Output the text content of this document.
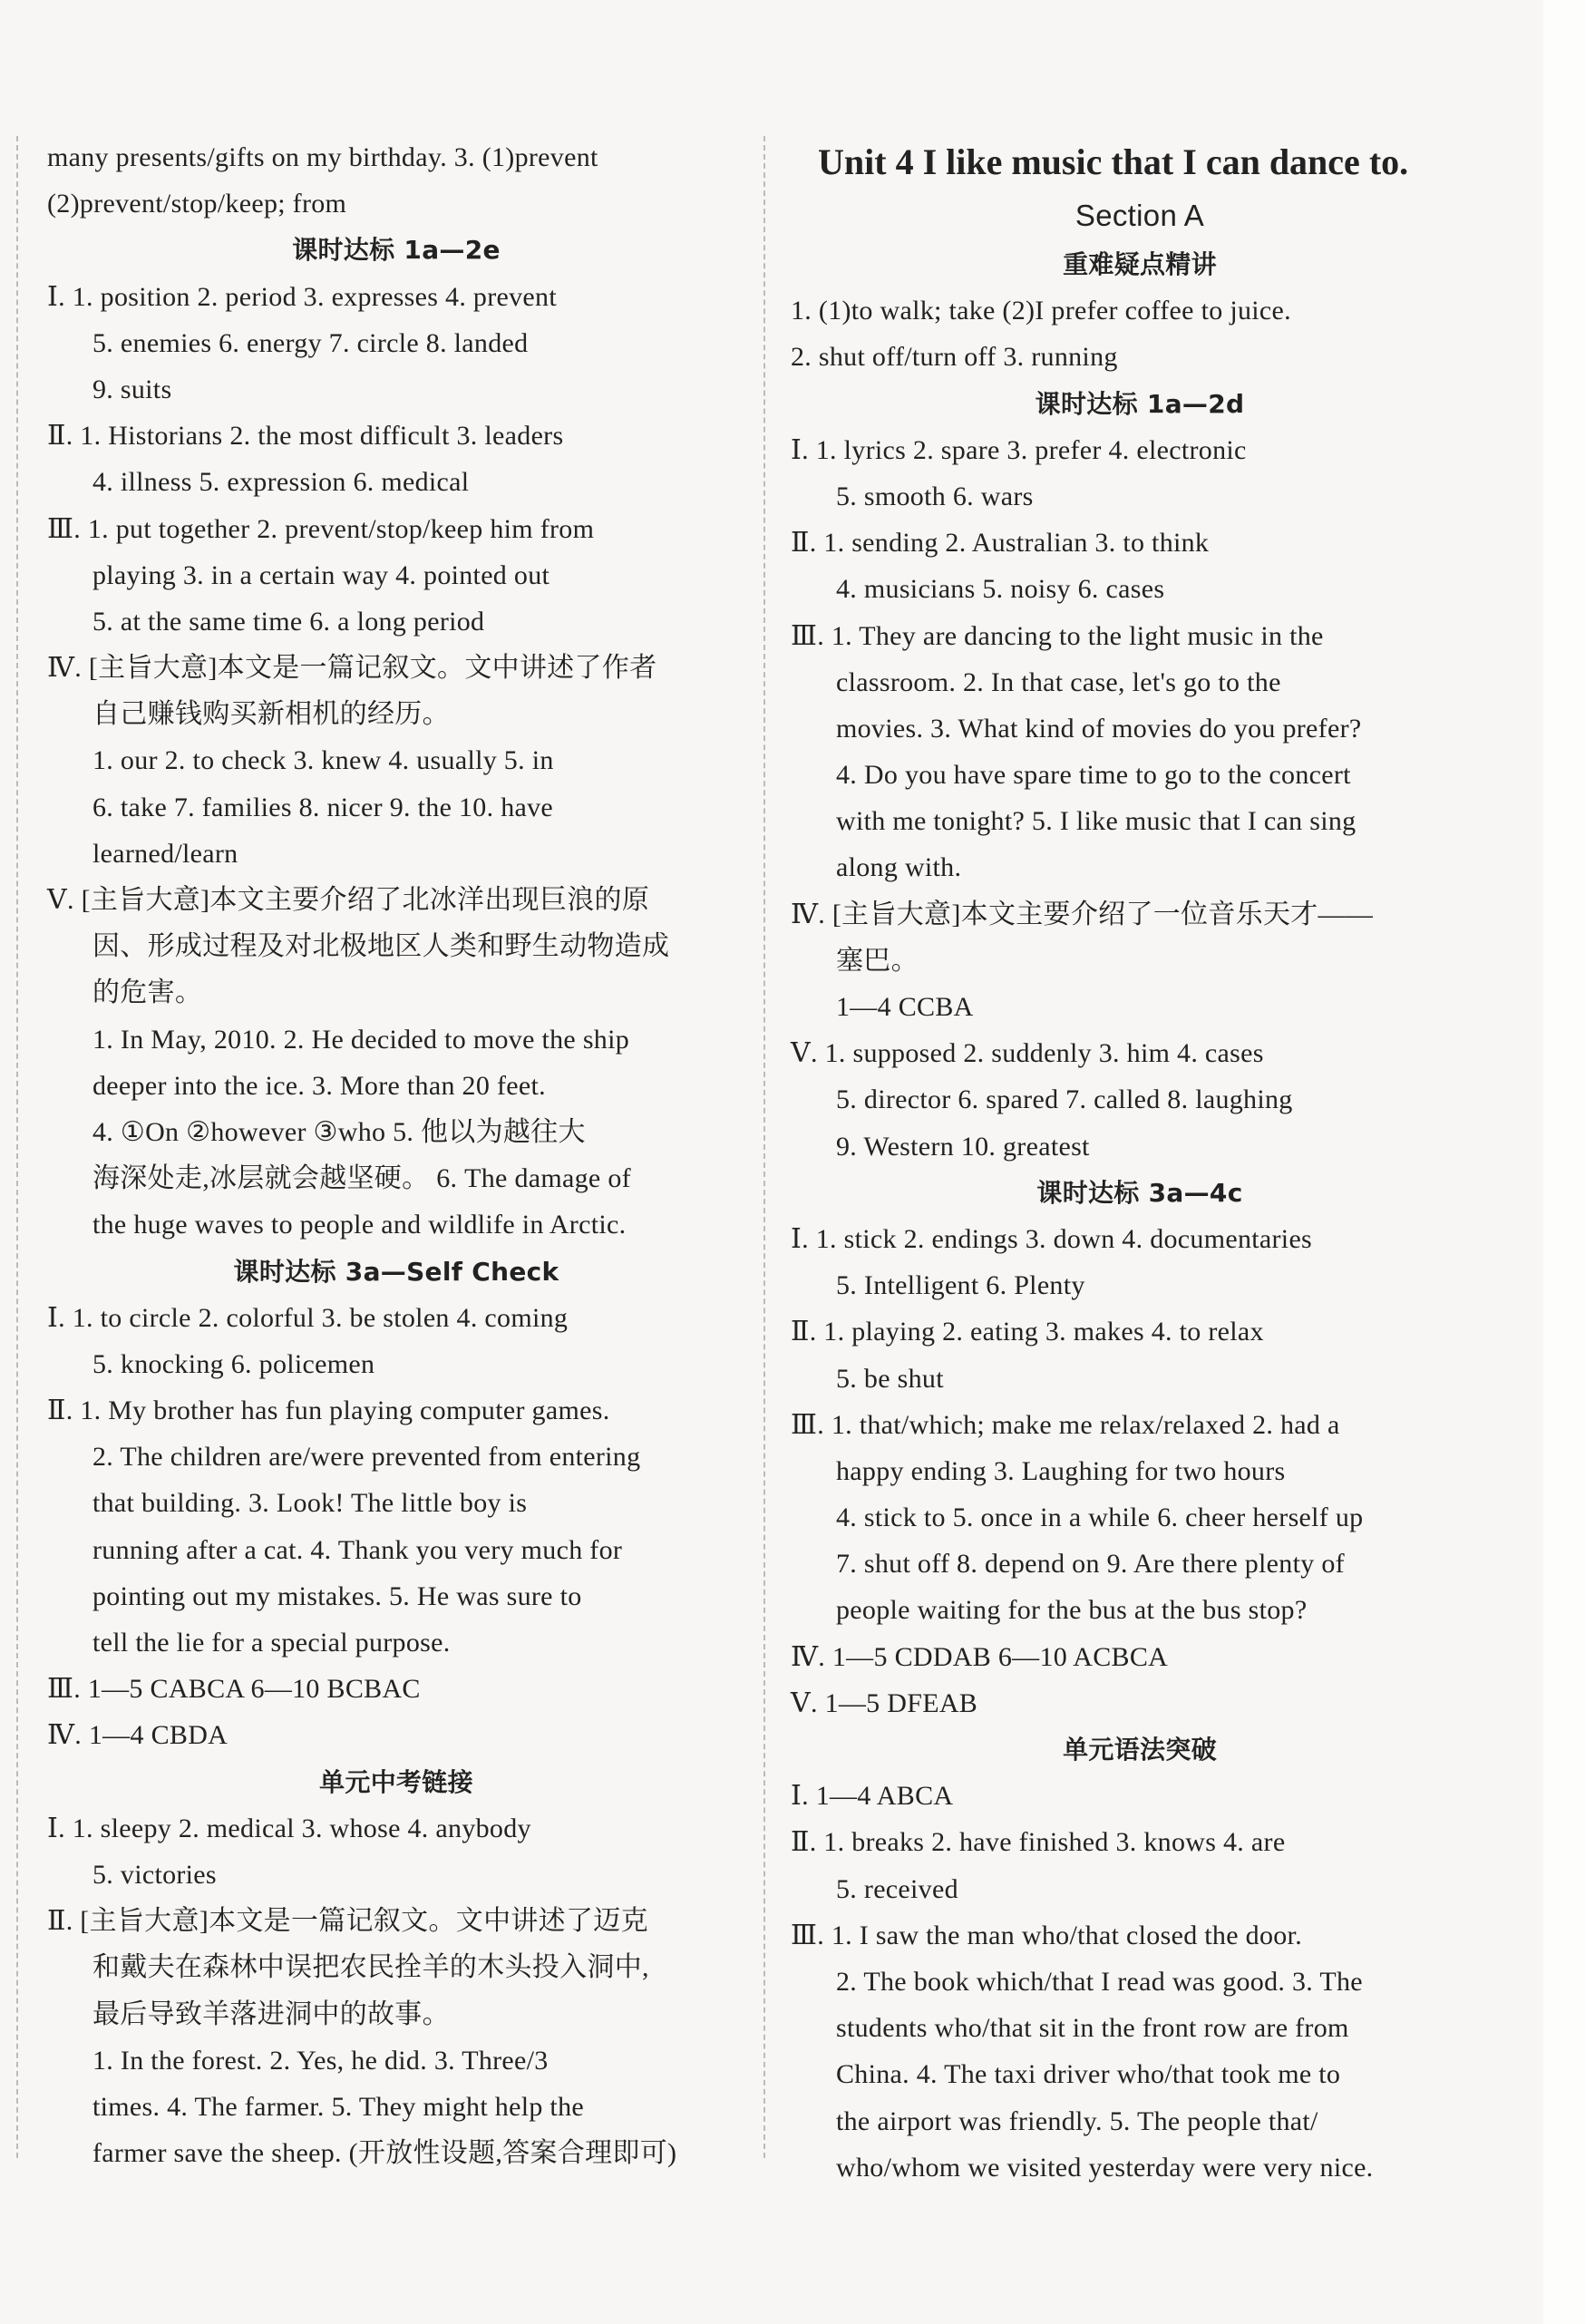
many presents/gifts on my birthday. 3. (1)prevent
(2)prevent/stop/keep; from
课时达标 1a—2e
Ⅰ. 1. position 2. period 3. expresses 4. prevent
5. enemies 6. energy 7. circle 8. landed
9. suits
Ⅱ. 1. Historians 2. the most difficult 3. leaders
4. illness 5. expression 6. medical
Ⅲ. 1. put together 2. prevent/stop/keep him from
playing 3. in a certain way 4. pointed out
5. at the same time 6. a long period
Ⅳ. [主旨大意]本文是一篇记叙文。文中讲述了作者
自己赚钱购买新相机的经历。
1. our 2. to check 3. knew 4. usually 5. in
6. take 7. families 8. nicer 9. the 10. have
learned/learn
Ⅴ. [主旨大意]本文主要介绍了北冰洋出现巨浪的原
因、形成过程及对北极地区人类和野生动物造成
的危害。
1. In May, 2010. 2. He decided to move the ship
deeper into the ice. 3. More than 20 feet.
4. ①On ②however ③who 5. 他以为越往大
海深处走,冰层就会越坚硬。 6. The damage of
the huge waves to people and wildlife in Arctic.
课时达标 3a—Self Check
Ⅰ. 1. to circle 2. colorful 3. be stolen 4. coming
5. knocking 6. policemen
Ⅱ. 1. My brother has fun playing computer games.
2. The children are/were prevented from entering
that building. 3. Look! The little boy is
running after a cat. 4. Thank you very much for
pointing out my mistakes. 5. He was sure to
tell the lie for a special purpose.
Ⅲ. 1—5 CABCA 6—10 BCBAC
Ⅳ. 1—4 CBDA
单元中考链接
Ⅰ. 1. sleepy 2. medical 3. whose 4. anybody
5. victories
Ⅱ. [主旨大意]本文是一篇记叙文。文中讲述了迈克
和戴夫在森林中误把农民拴羊的木头投入洞中,
最后导致羊落进洞中的故事。
1. In the forest. 2. Yes, he did. 3. Three/3
times. 4. The farmer. 5. They might help the
farmer save the sheep. (开放性设题,答案合理即可)
Unit 4 I like music that I can dance to.
Section A
重难疑点精讲
1. (1)to walk; take (2)I prefer coffee to juice.
2. shut off/turn off 3. running
课时达标 1a—2d
Ⅰ. 1. lyrics 2. spare 3. prefer 4. electronic
5. smooth 6. wars
Ⅱ. 1. sending 2. Australian 3. to think
4. musicians 5. noisy 6. cases
Ⅲ. 1. They are dancing to the light music in the
classroom. 2. In that case, let's go to the
movies. 3. What kind of movies do you prefer?
4. Do you have spare time to go to the concert
with me tonight? 5. I like music that I can sing
along with.
Ⅳ. [主旨大意]本文主要介绍了一位音乐天才——
塞巴。
1—4 CCBA
Ⅴ. 1. supposed 2. suddenly 3. him 4. cases
5. director 6. spared 7. called 8. laughing
9. Western 10. greatest
课时达标 3a—4c
Ⅰ. 1. stick 2. endings 3. down 4. documentaries
5. Intelligent 6. Plenty
Ⅱ. 1. playing 2. eating 3. makes 4. to relax
5. be shut
Ⅲ. 1. that/which; make me relax/relaxed 2. had a
happy ending 3. Laughing for two hours
4. stick to 5. once in a while 6. cheer herself up
7. shut off 8. depend on 9. Are there plenty of
people waiting for the bus at the bus stop?
Ⅳ. 1—5 CDDAB 6—10 ACBCA
Ⅴ. 1—5 DFEAB
单元语法突破
Ⅰ. 1—4 ABCA
Ⅱ. 1. breaks 2. have finished 3. knows 4. are
5. received
Ⅲ. 1. I saw the man who/that closed the door.
2. The book which/that I read was good. 3. The
students who/that sit in the front row are from
China. 4. The taxi driver who/that took me to
the airport was friendly. 5. The people that/
who/whom we visited yesterday were very nice.
